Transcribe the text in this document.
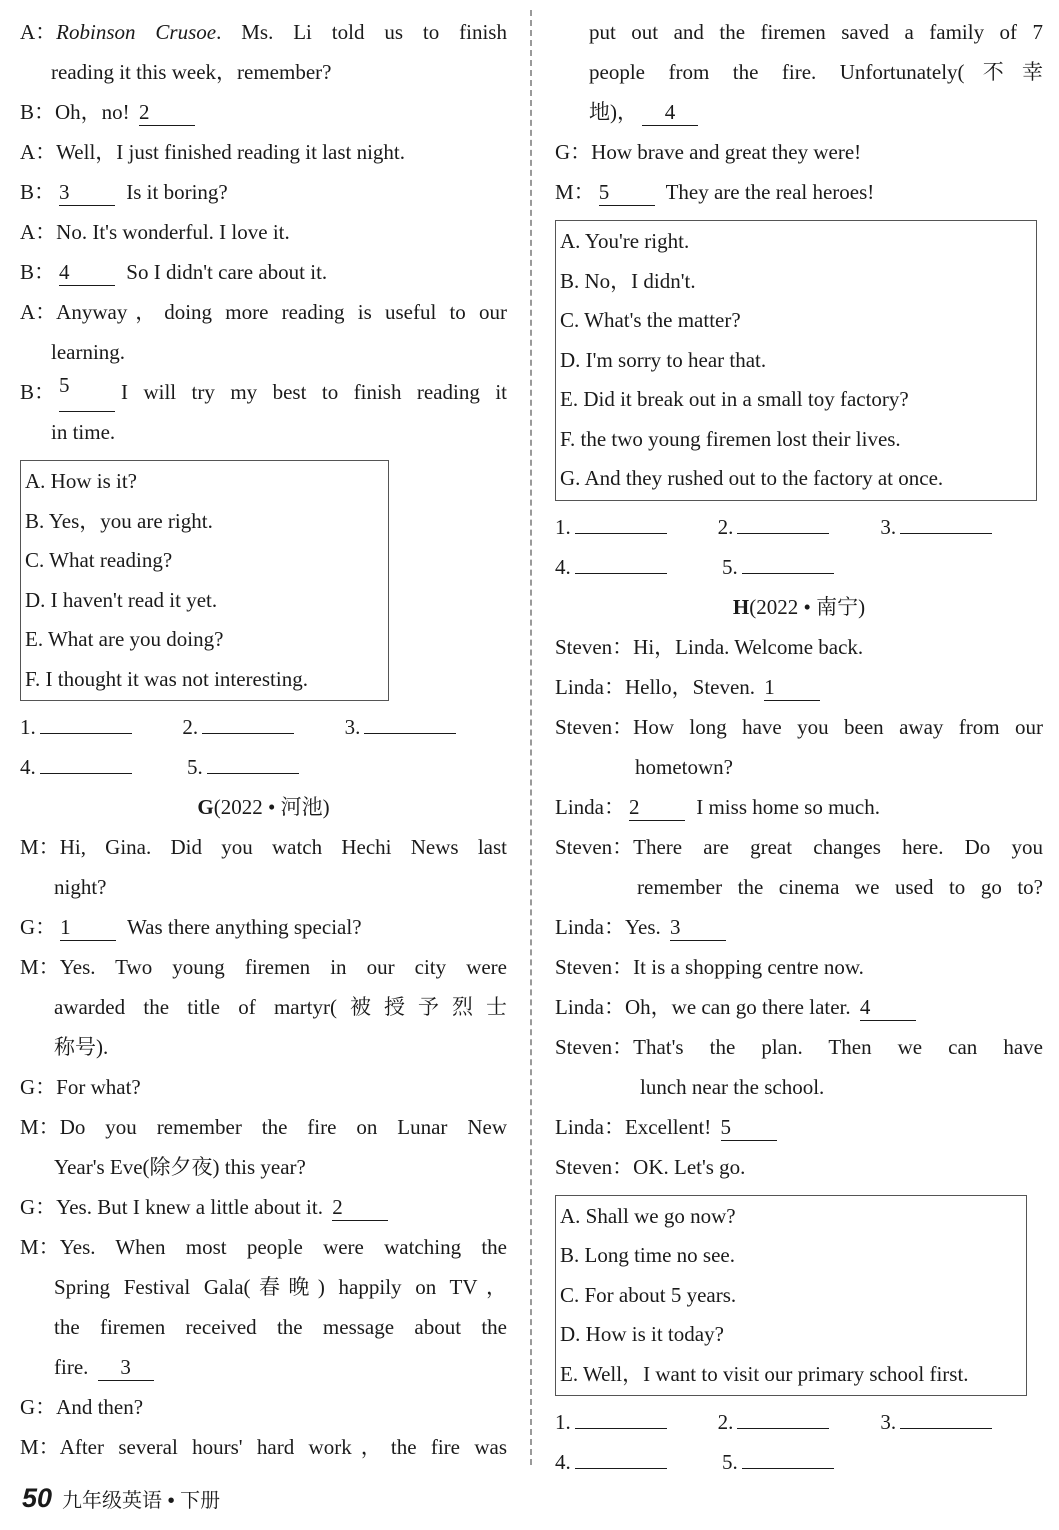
A： Robinson Crusoe. Ms. Li told us to finish
reading it this week，remember?
B： Oh，no! 2
A： Well，I just finished reading it last night.
B： 3	Is it boring?
A： No. It's wonderful. I love it.
B： 4	So I didn't care about it.
A： Anyway，doing more reading is useful to our
learning.
B： 5	I will try my best to finish reading it
in time.
A. How is it?
B. Yes，you are right.
C. What reading?
D. I haven't read it yet.
E. What are you doing?
F. I thought it was not interesting.
1.	2.	3.
4.	5.
G(2022 • 河池)
M： Hi, Gina. Did you watch Hechi News last
night?
G： 1	Was there anything special?
M： Yes. Two young firemen in our city were
awarded the title of martyr(被授予烈士
称号).
G： For what?
M： Do you remember the fire on Lunar New
Year's Eve(除夕夜) this year?
G： Yes. But I knew a little about it. 2
M： Yes. When most people were watching the
Spring Festival Gala(春晚) happily on TV，
the firemen received the message about the
fire. 3
G： And then?
M： After several hours' hard work，the fire was
put out and the firemen saved a family of 7
people from the fire. Unfortunately(不幸
地)， 4
G： How brave and great they were!
M： 5	They are the real heroes!
A. You're right.
B. No，I didn't.
C. What's the matter?
D. I'm sorry to hear that.
E. Did it break out in a small toy factory?
F. the two young firemen lost their lives.
G. And they rushed out to the factory at once.
1.	2.	3.
4.	5.
H(2022 • 南宁)
Steven： Hi，Linda. Welcome back.
Linda： Hello，Steven. 1
Steven： How long have you been away from our
hometown?
Linda： 2	I miss home so much.
Steven： There are great changes here. Do you
remember the cinema we used to go to?
Linda： Yes. 3
Steven： It is a shopping centre now.
Linda： Oh，we can go there later. 4
Steven： That's the plan. Then we can have
lunch near the school.
Linda： Excellent! 5
Steven： OK. Let's go.
A. Shall we go now?
B. Long time no see.
C. For about 5 years.
D. How is it today?
E. Well，I want to visit our primary school first.
1.	2.	3.
4.	5.
50 九年级英语 • 下册
